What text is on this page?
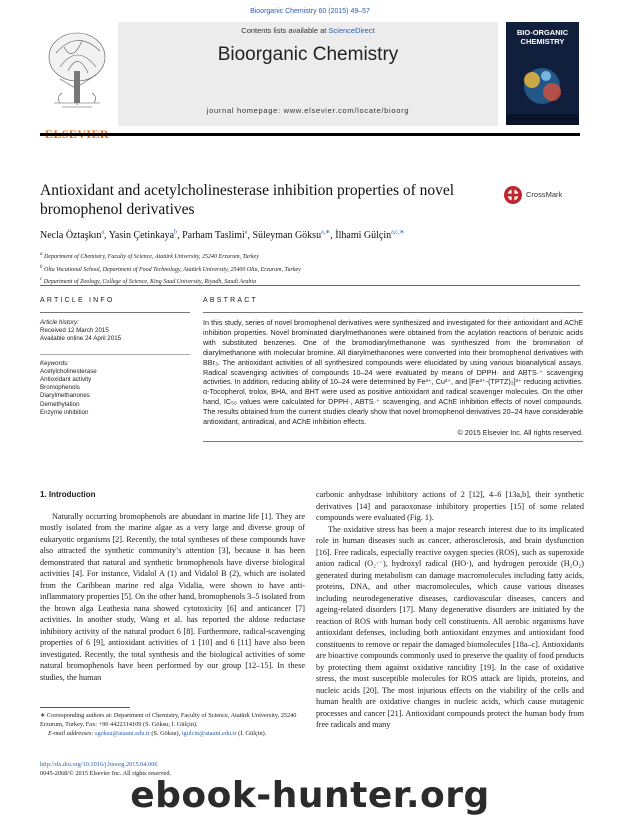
Bioorganic Chemistry 60 (2015) 49–57
Contents lists available at ScienceDirect
Bioorganic Chemistry
journal homepage: www.elsevier.com/locate/bioorg
BIO-ORGANIC
CHEMISTRY
Antioxidant and acetylcholinesterase inhibition properties of novel bromophenol derivatives
CrossMark
Necla Öztaşkın$^a$, Yasin Çetinkaya$^b$, Parham Taslimi$^a$, Süleyman Göksu$^{a,∗}$, İlhami Gülçin$^{a,c,∗}$
$^a$ Department of Chemistry, Faculty of Science, Atatürk University, 25240 Erzurum, Turkey
$^b$ Oltu Vocational School, Department of Food Technology, Atatürk University, 25400 Oltu, Erzurum, Turkey
$^c$ Department of Zoology, College of Science, King Saud University, Riyadh, Saudi Arabia
ARTICLE INFO
Article history:
Received 12 March 2015
Available online 24 April 2015
Keywords:
Acetylcholinesterase
Antioxidant activity
Bromophenols
Diarylmethanones
Demethylation
Enzyme inhibition
ABSTRACT
In this study, series of novel bromophenol derivatives were synthesized and investigated for their antioxidant and AChE inhibition properties. Novel brominated diarylmethanones were obtained from the acylation reactions of benzoic acids with substituted benzenes. One of the bromodiarylmethanone was synthesized from the bromination of diarylmethanone with molecular bromine. All diarylmethanones were converted into their bromophenol derivatives with BBr₃. The antioxidant activities of all synthesized compounds were elucidated by using various bioanalytical assays. Radical scavenging activities of compounds 10–24 were evaluated by means of DPPH· and ABTS·⁺ scavenging activities. In addition, reducing ability of 10–24 were determined by Fe³⁺, Cu²⁺, and [Fe³⁺-(TPTZ)₂]³⁺ reducing activities. α-Tocopherol, trolox, BHA, and BHT were used as positive antioxidant and radical scavenger molecules. On the other hand, IC₅₀ values were calculated for DPPH·, ABTS·⁺ scavenging, and AChE inhibition effects of novel compounds. The results obtained from the current studies clearly show that novel bromophenol derivatives 20–24 have considerable antioxidant, antiradical, and AChE inhibition effects.
© 2015 Elsevier Inc. All rights reserved.
1. Introduction

Naturally occurring bromophenols are abundant in marine life [1]. They are mostly isolated from the marine algae as a very large and diverse group of eukaryotic organisms [2]. Recently, the total syntheses of these compounds have also attracted the synthetic community’s attention [3], because it has been demonstrated that natural and synthetic bromophenols have diverse biological activities [4]. For instance, Vidalol A (1) and Vidalol B (2), which are isolated from the Caribbean marine red alga Vidalia, were shown to have anti-inflammatory properties [5]. On the other hand, bromophenols 3–5 isolated from the brown alga Leathesia nana showed cytotoxicity [6] and anticancer [7] activities. In another study, Wang et al. has reported the aldose reductase inhibitory activity of the natural product 6 [8]. Furthermore, radical-scavenging properties of 6 [9], antioxidant activities of 1 [10] and 6 [11] have also been investigated. Recently, the total synthesis and the biological activities of some natural bromophenols have been performed by our group [12–15]. In these studies, the human

carbonic anhydrase inhibitory actions of 2 [12], 4–6 [13a,b], their synthetic derivatives [14] and paraoxonase inhibitory properties [15] of some related compounds were evaluated (Fig. 1).

The oxidative stress has been a major research interest due to its implicated role in human diseases such as cancer, atherosclerosis, and brain dysfunction [16]. Free radicals, especially reactive oxygen species (ROS), such as superoxide anion radical (O₂·⁻), hydroxyl radical (HO·), and hydrogen peroxide (H₂O₂) generated during metabolism can damage macromolecules including fatty acids, proteins, DNA, and other macromolecules, which cause various diseases including neurodegenerative diseases, cardiovascular diseases, cancers and ageing-related disorders [17]. Many degenerative disorders are initiated by the reaction of ROS with human body cell constituents. All aerobic organisms have antioxidant defenses, including both antioxidant enzymes and antioxidant food constituents to remove or repair the damaged biomolecules [18a–c]. Antioxidants are bioactive compounds commonly used to preserve the quality of food products by protecting them against oxidative rancidity [19]. In the case of oxidative stress, the most susceptible molecules for ROS attack are lipids, proteins, and nucleic acids [20]. The most injurious effects on the viability of the cells and human health are oxidative changes in nucleic acids, which cause mutagenic processes and cancer [21]. Antioxidant compounds protect the human body from free radicals and many

∗ Corresponding authors at: Department of Chemistry, Faculty of Science, Atatürk University, 25240 Erzurum, Turkey. Fax: +90 4422314109 (S. Göksu; İ. Gülçin).
E-mail addresses: sgoksu@atauni.edu.tr (S. Göksu), igulcin@atauni.edu.tr (İ. Gülçin).
http://dx.doi.org/10.1016/j.bioorg.2015.04.006
0045-2068/© 2015 Elsevier Inc. All rights reserved.
ebook-hunter.org
